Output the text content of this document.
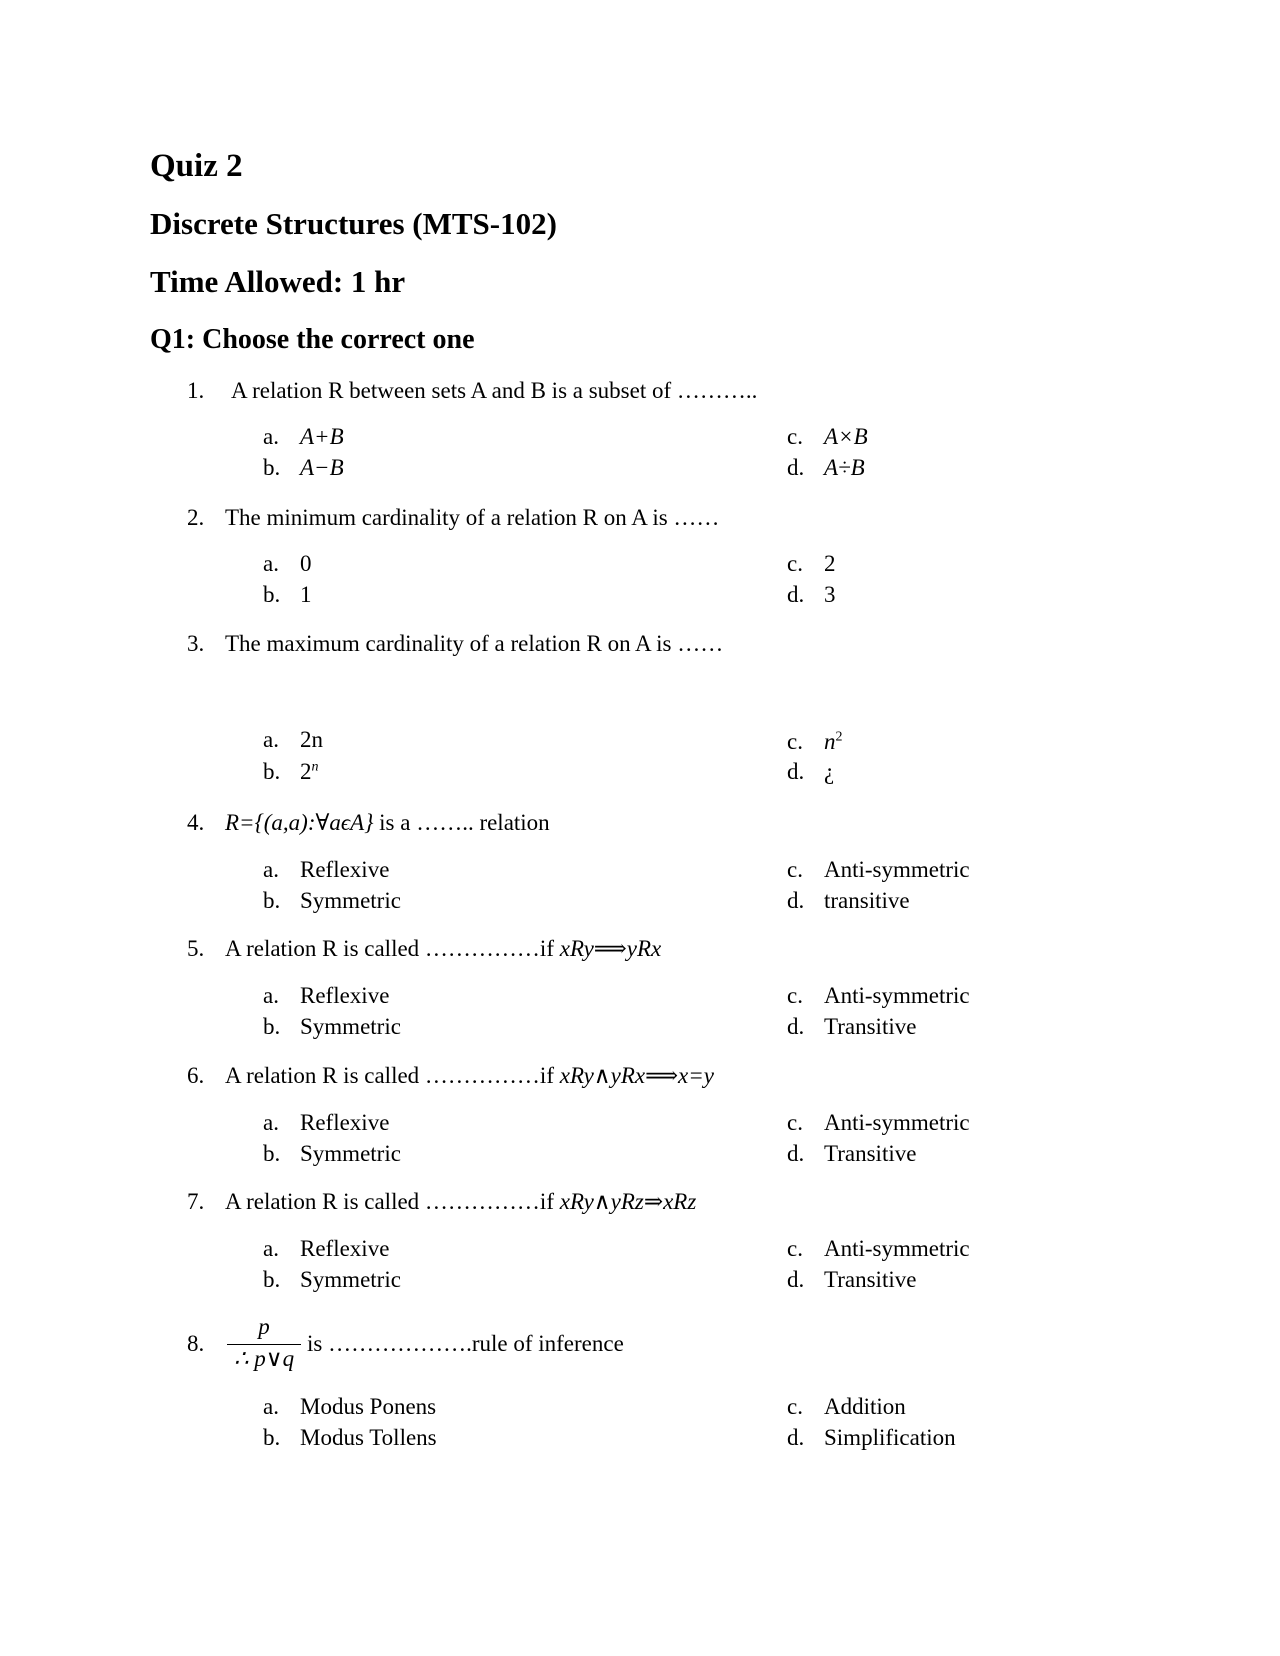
Quiz 2
Discrete Structures (MTS-102)
Time Allowed: 1 hr
Q1: Choose the correct one
1. A relation R between sets A and B is a subset of ………..
a. A+B
b. A−B
c. A×B
d. A÷B
2. The minimum cardinality of a relation R on A is ……
a. 0
b. 1
c. 2
d. 3
3. The maximum cardinality of a relation R on A is ……
a. 2n
b. 2$^n$
c. $n^2$
d. ¿
4. R={(a,a):∀aϵA} is a …….. relation
a. Reflexive
b. Symmetric
c. Anti-symmetric
d. transitive
5. A relation R is called ……………if xRy⟹yRx
a. Reflexive
b. Symmetric
c. Anti-symmetric
d. Transitive
6. A relation R is called ……………if xRy∧yRx⟹x=y
a. Reflexive
b. Symmetric
c. Anti-symmetric
d. Transitive
7. A relation R is called ……………if xRy∧yRz⇒xRz
a. Reflexive
b. Symmetric
c. Anti-symmetric
d. Transitive
8.
p
∴ p∨q
is ……………….rule of inference
a. Modus Ponens
b. Modus Tollens
c. Addition
d. Simplification
